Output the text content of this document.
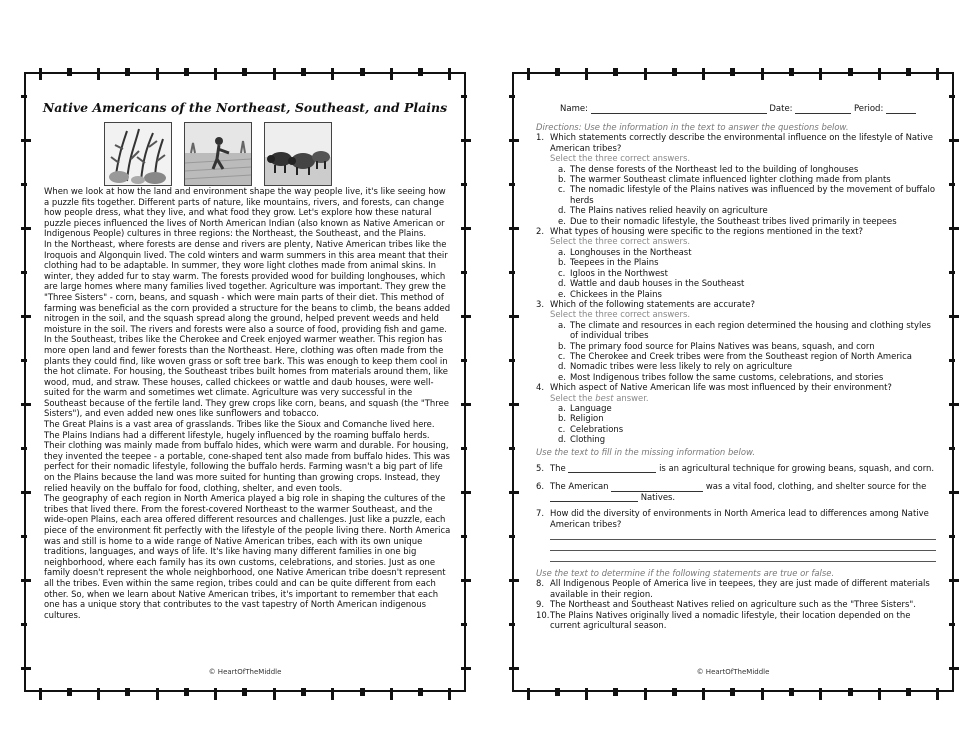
Native Americans of the Northeast, Southeast, and Plains

When we look at how the land and environment shape the way people live, it's like seeing how a puzzle fits together. Different parts of nature, like mountains, rivers, and forests, can change how people dress, what they live, and what food they grow. Let's explore how these natural puzzle pieces influenced the lives of North American Indian (also known as Native American or Indigenous People) cultures in three regions: the Northeast, the Southeast, and the Plains.

In the Northeast, where forests are dense and rivers are plenty, Native American tribes like the Iroquois and Algonquin lived. The cold winters and warm summers in this area meant that their clothing had to be adaptable. In summer, they wore light clothes made from animal skins. In winter, they added fur to stay warm. The forests provided wood for building longhouses, which are large homes where many families lived together. Agriculture was important. They grew the "Three Sisters" - corn, beans, and squash - which were main parts of their diet. This method of farming was beneficial as the corn provided a structure for the beans to climb, the beans added nitrogen in the soil, and the squash spread along the ground, helped prevent weeds and held moisture in the soil. The rivers and forests were also a source of food, providing fish and game.

In the Southeast, tribes like the Cherokee and Creek enjoyed warmer weather. This region has more open land and fewer forests than the Northeast. Here, clothing was often made from the plants they could find, like woven grass or soft tree bark. This was enough to keep them cool in the hot climate. For housing, the Southeast tribes built homes from materials around them, like wood, mud, and straw. These houses, called chickees or wattle and daub houses, were well-suited for the warm and sometimes wet climate. Agriculture was very successful in the Southeast because of the fertile land. They grew crops like corn, beans, and squash (the "Three Sisters"), and even added new ones like sunflowers and tobacco.

The Great Plains is a vast area of grasslands. Tribes like the Sioux and Comanche lived here. The Plains Indians had a different lifestyle, hugely influenced by the roaming buffalo herds. Their clothing was mainly made from buffalo hides, which were warm and durable. For housing, they invented the teepee - a portable, cone-shaped tent also made from buffalo hides. This was perfect for their nomadic lifestyle, following the buffalo herds. Farming wasn't a big part of life on the Plains because the land was more suited for hunting than growing crops. Instead, they relied heavily on the buffalo for food, clothing, shelter, and even tools.

The geography of each region in North America played a big role in shaping the cultures of the tribes that lived there. From the forest-covered Northeast to the warmer Southeast, and the wide-open Plains, each area offered different resources and challenges. Just like a puzzle, each piece of the environment fit perfectly with the lifestyle of the people living there. North America was and still is home to a wide range of Native American tribes, each with its own unique traditions, languages, and ways of life. It's like having many different families in one big neighborhood, where each family has its own customs, celebrations, and stories. Just as one family doesn't represent the whole neighborhood, one Native American tribe doesn't represent all the tribes. Even within the same region, tribes could and can be quite different from each other. So, when we learn about Native American tribes, it's important to remember that each one has a unique story that contributes to the vast tapestry of North American indigenous cultures.

© HeartOfTheMiddle
Name:	Date:	Period:
Directions: Use the information in the text to answer the questions below.
1. Which statements correctly describe the environmental influence on the lifestyle of Native American tribes?
Select the three correct answers.
a. The dense forests of the Northeast led to the building of longhouses
b. The warmer Southeast climate influenced lighter clothing made from plants
c. The nomadic lifestyle of the Plains natives was influenced by the movement of buffalo herds
d. The Plains natives relied heavily on agriculture
e. Due to their nomadic lifestyle, the Southeast tribes lived primarily in teepees
2. What types of housing were specific to the regions mentioned in the text?
Select the three correct answers.
a. Longhouses in the Northeast
b. Teepees in the Plains
c. Igloos in the Northwest
d. Wattle and daub houses in the Southeast
e. Chickees in the Plains
3. Which of the following statements are accurate?
Select the three correct answers.
a. The climate and resources in each region determined the housing and clothing styles of individual tribes
b. The primary food source for Plains Natives was beans, squash, and corn
c. The Cherokee and Creek tribes were from the Southeast region of North America
d. Nomadic tribes were less likely to rely on agriculture
e. Most Indigenous tribes follow the same customs, celebrations, and stories
4. Which aspect of Native American life was most influenced by their environment?
Select the best answer.
a. Language
b. Religion
c. Celebrations
d. Clothing
Use the text to fill in the missing information below.
5. The	is an agricultural technique for growing beans, squash, and corn.
6. The American	was a vital food, clothing, and shelter source for the
Natives.
7. How did the diversity of environments in North America lead to differences among Native American tribes?
Use the text to determine if the following statements are true or false.
8. All Indigenous People of America live in teepees, they are just made of different materials available in their region.
9. The Northeast and Southeast Natives relied on agriculture such as the "Three Sisters".
10. The Plains Natives originally lived a nomadic lifestyle, their location depended on the current agricultural season.
© HeartOfTheMiddle
